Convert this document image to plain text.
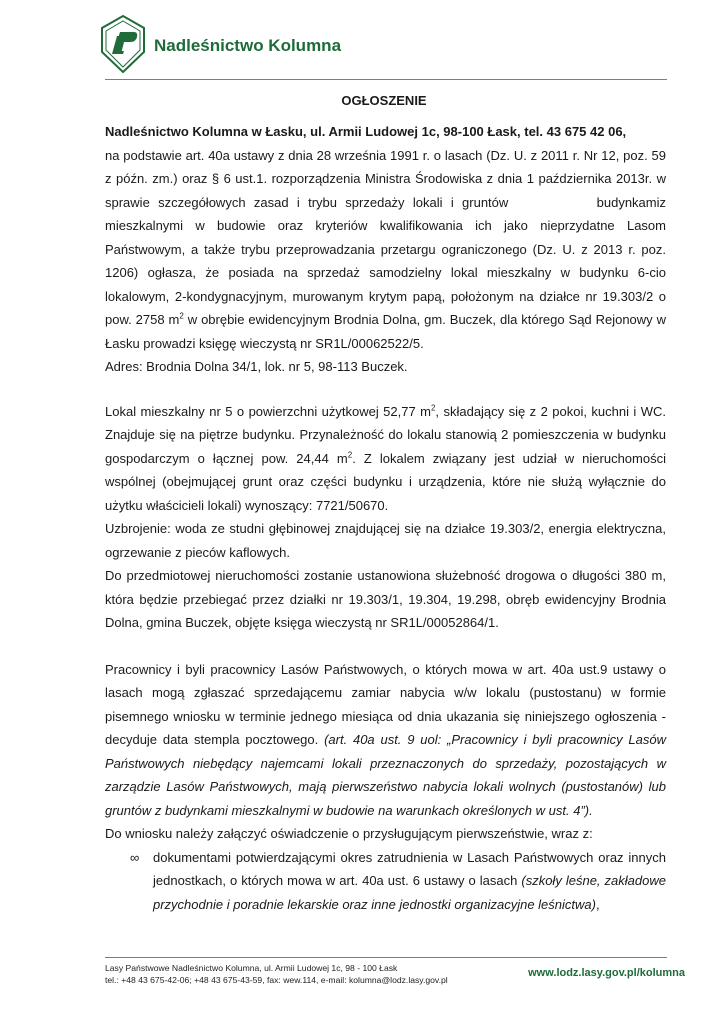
Nadleśnictwo Kolumna
OGŁOSZENIE

Nadleśnictwo Kolumna w Łasku, ul. Armii Ludowej 1c, 98-100 Łask, tel. 43 675 42 06,

na podstawie art. 40a ustawy z dnia 28 września 1991 r. o lasach (Dz. U. z 2011 r. Nr 12, poz. 59 z późn. zm.) oraz § 6 ust.1. rozporządzenia Ministra Środowiska z dnia 1 października 2013r. w sprawie szczegółowych zasad i trybu sprzedaży lokali i gruntów	z
budynkami mieszkalnymi w budowie oraz kryteriów kwalifikowania ich jako nieprzydatne Lasom Państwowym, a także trybu przeprowadzania przetargu ograniczonego (Dz. U. z 2013 r. poz. 1206) ogłasza, że posiada na sprzedaż samodzielny lokal mieszkalny w budynku 6-cio lokalowym, 2-kondygnacyjnym, murowanym krytym papą, położonym na działce nr 19.303/2 o pow. 2758 $m^2$ w obrębie ewidencyjnym Brodnia Dolna, gm. Buczek, dla którego Sąd Rejonowy w Łasku prowadzi księgę wieczystą nr SR1L/00062522/5.

Adres: Brodnia Dolna 34/1, lok. nr 5, 98-113 Buczek.

Lokal mieszkalny nr 5 o powierzchni użytkowej 52,77 $m^2$, składający się z 2 pokoi, kuchni i WC. Znajduje się na piętrze budynku. Przynależność do lokalu stanowią 2 pomieszczenia w budynku gospodarczym o łącznej pow. 24,44 $m^2$. Z lokalem związany jest udział w nieruchomości wspólnej (obejmującej grunt oraz części budynku i urządzenia, które nie służą wyłącznie do użytku właścicieli lokali) wynoszący: 7721/50670.

Uzbrojenie: woda ze studni głębinowej znajdującej się na działce 19.303/2, energia elektryczna, ogrzewanie z pieców kaflowych.

Do przedmiotowej nieruchomości zostanie ustanowiona służebność drogowa o długości 380 m, która będzie przebiegać przez działki nr 19.303/1, 19.304, 19.298, obręb ewidencyjny Brodnia Dolna, gmina Buczek, objęte księga wieczystą nr SR1L/00052864/1.

Pracownicy i byli pracownicy Lasów Państwowych, o których mowa w art. 40a ust.9 ustawy o lasach mogą zgłaszać sprzedającemu zamiar nabycia w/w lokalu (pustostanu) w formie pisemnego wniosku w terminie jednego miesiąca od dnia ukazania się niniejszego ogłoszenia - decyduje data stempla pocztowego. (art. 40a ust. 9 uol: „Pracownicy i byli pracownicy Lasów Państwowych niebędący najemcami lokali przeznaczonych do sprzedaży, pozostających w zarządzie Lasów Państwowych, mają pierwszeństwo nabycia lokali wolnych (pustostanów) lub gruntów z budynkami mieszkalnymi w budowie na warunkach określonych w ust. 4”).

Do wniosku należy załączyć oświadczenie o przysługującym pierwszeństwie, wraz z:

∞	dokumentami potwierdzającymi okres zatrudnienia w Lasach Państwowych oraz innych jednostkach, o których mowa w art. 40a ust. 6 ustawy o lasach (szkoły leśne, zakładowe przychodnie i poradnie lekarskie oraz inne jednostki organizacyjne leśnictwa),
Lasy Państwowe Nadleśnictwo Kolumna, ul. Armii Ludowej 1c, 98 - 100 Łask
tel.: +48 43 675-42-06; +48 43 675-43-59, fax: wew.114, e-mail: kolumna@lodz.lasy.gov.pl
www.lodz.lasy.gov.pl/kolumna
